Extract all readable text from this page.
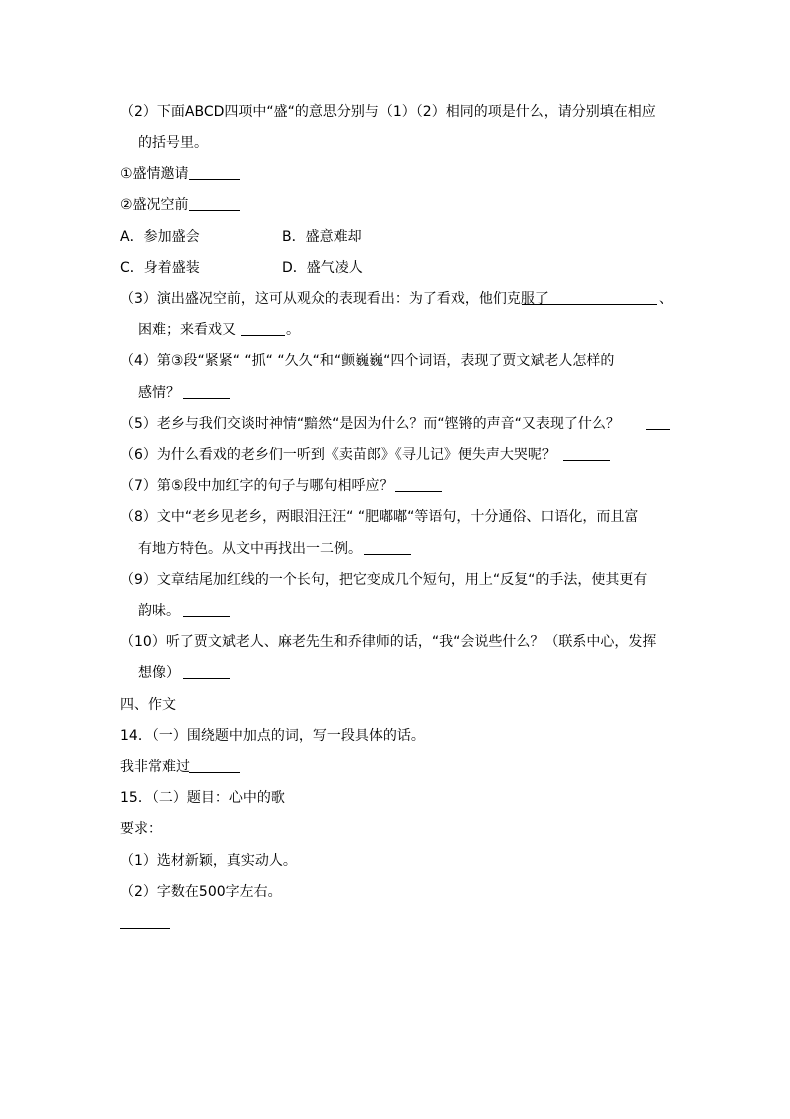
（2）下面ABCD四项中“盛“的意思分别与（1）（2）相同的项是什么，请分别填在相应
的括号里。
①盛情邀请
②盛况空前
A．参加盛会	B．盛意难却
C．身着盛装	D．盛气凌人
（3）演出盛况空前，这可从观众的表现看出：为了看戏，他们克服了	、
困难；来看戏又	。
（4）第③段“紧紧“ “抓“ “久久“和“颤巍巍“四个词语，表现了贾文斌老人怎样的
感情？
（5）老乡与我们交谈时神情“黯然“是因为什么？而“铿锵的声音“又表现了什么？
（6）为什么看戏的老乡们一听到《卖苗郎》《寻儿记》便失声大哭呢？
（7）第⑤段中加红字的句子与哪句相呼应？
（8）文中“老乡见老乡，两眼泪汪汪“ “肥嘟嘟“等语句，十分通俗、口语化，而且富
有地方特色。从文中再找出一二例。
（9）文章结尾加红线的一个长句，把它变成几个短句，用上“反复“的手法，使其更有
韵味。
（10）听了贾文斌老人、麻老先生和乔律师的话，“我“会说些什么？（联系中心，发挥
想像）
四、作文
14．（一）围绕题中加点的词，写一段具体的话。
我非常难过
15．（二）题目：心中的歌
要求：
（1）选材新颖，真实动人。
（2）字数在500字左右。
